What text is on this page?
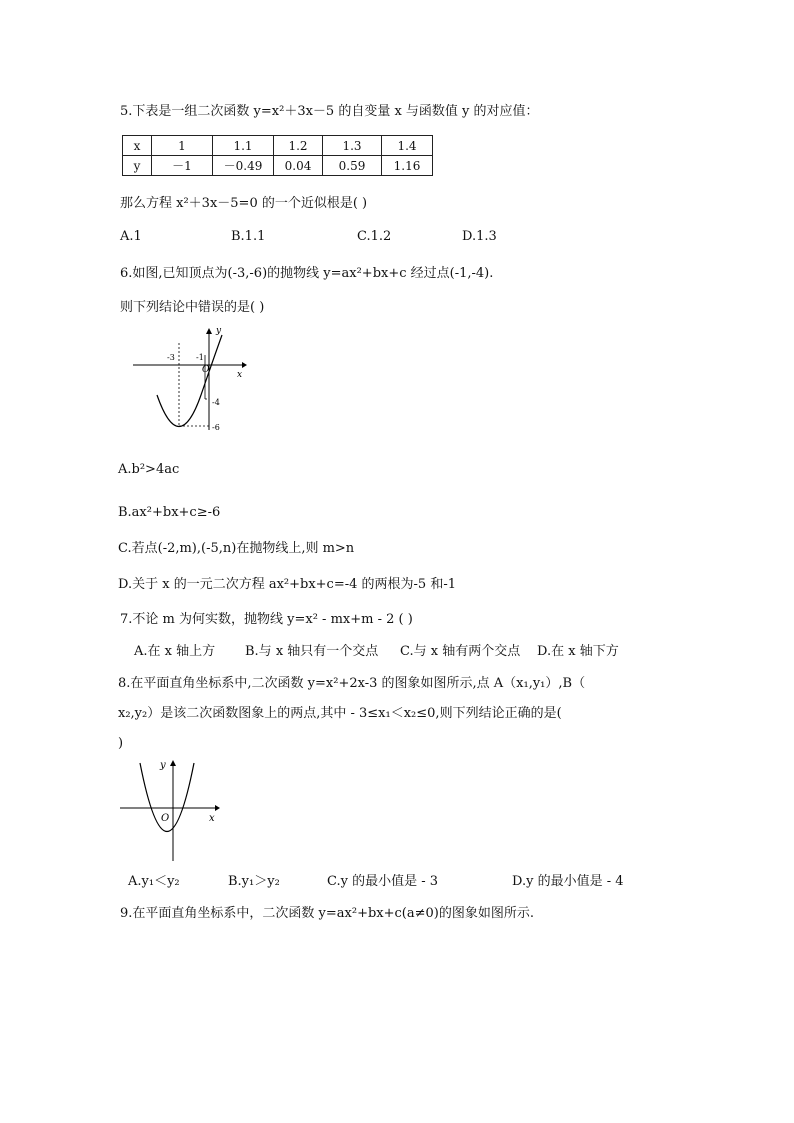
5.下表是一组二次函数 y=x²＋3x－5 的自变量 x 与函数值 y 的对应值：
x	1	1.1	1.2	1.3	1.4
y	－1	－0.49	0.04	0.59	1.16
那么方程 x²＋3x－5=0 的一个近似根是( )
A.1	B.1.1	C.1.2	D.1.3
6.如图,已知顶点为(-3,-6)的抛物线 y=ax²+bx+c 经过点(-1,-4).
则下列结论中错误的是( )
y
x
O
-3	-1
-4
-6
A.b²>4ac
B.ax²+bx+c≥-6
C.若点(-2,m),(-5,n)在抛物线上,则 m>n
D.关于 x 的一元二次方程 ax²+bx+c=-4 的两根为-5 和-1
7.不论 m 为何实数，抛物线 y=x² - mx+m - 2 ( )
A.在 x 轴上方 B.与 x 轴只有一个交点 C.与 x 轴有两个交点 D.在 x 轴下方
8.在平面直角坐标系中,二次函数 y=x²+2x-3 的图象如图所示,点 A（x₁,y₁）,B（
x₂,y₂）是该二次函数图象上的两点,其中 - 3≤x₁＜x₂≤0,则下列结论正确的是(
)
y
x
O
A.y₁＜y₂	B.y₁＞y₂	C.y 的最小值是 - 3	D.y 的最小值是 - 4
9.在平面直角坐标系中，二次函数 y=ax²+bx+c(a≠0)的图象如图所示.
